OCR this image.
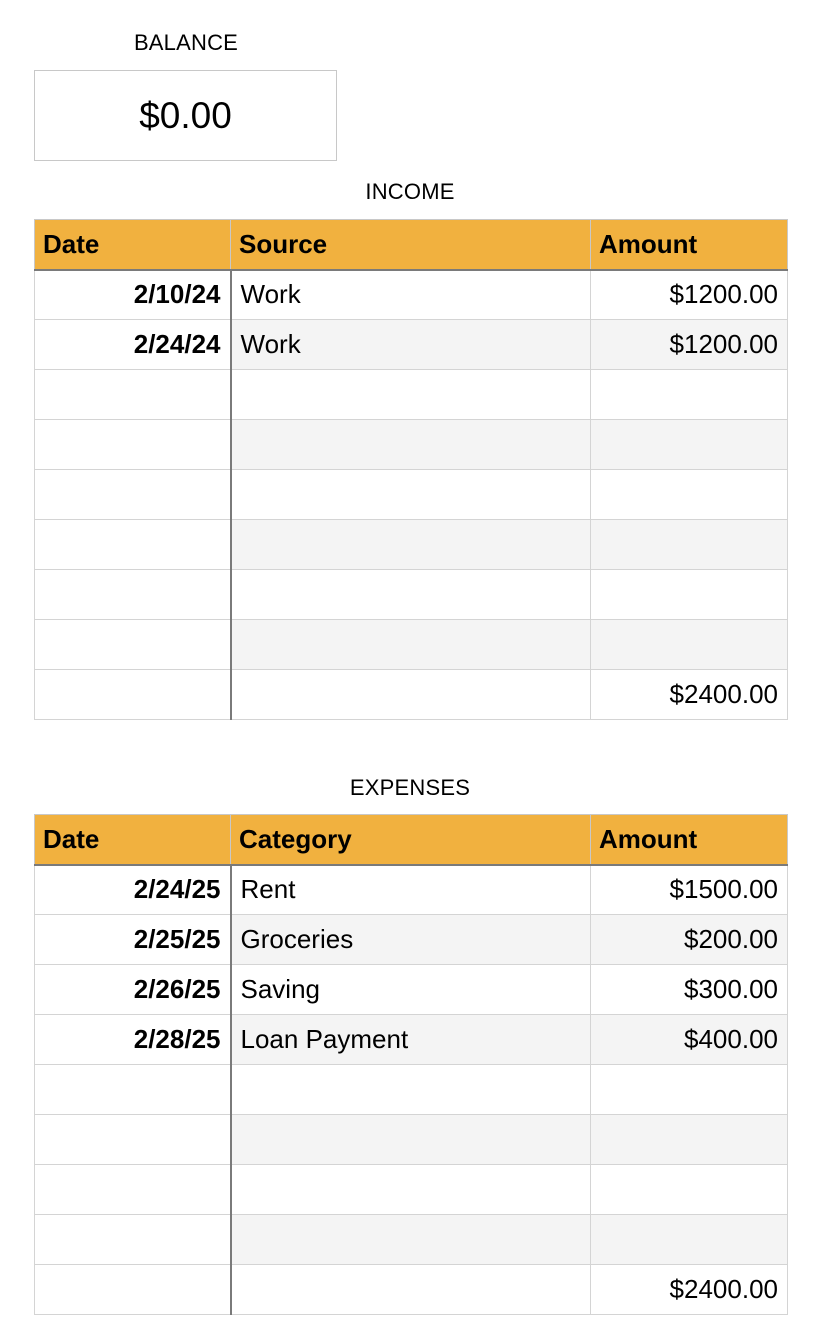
BALANCE
$0.00
INCOME
Date	Source	Amount
2/10/24	Work	$1200.00
2/24/24	Work	$1200.00

		$2400.00
EXPENSES
Date	Category	Amount
2/24/25	Rent	$1500.00
2/25/25	Groceries	$200.00
2/26/25	Saving	$300.00
2/28/25	Loan Payment	$400.00

		$2400.00
